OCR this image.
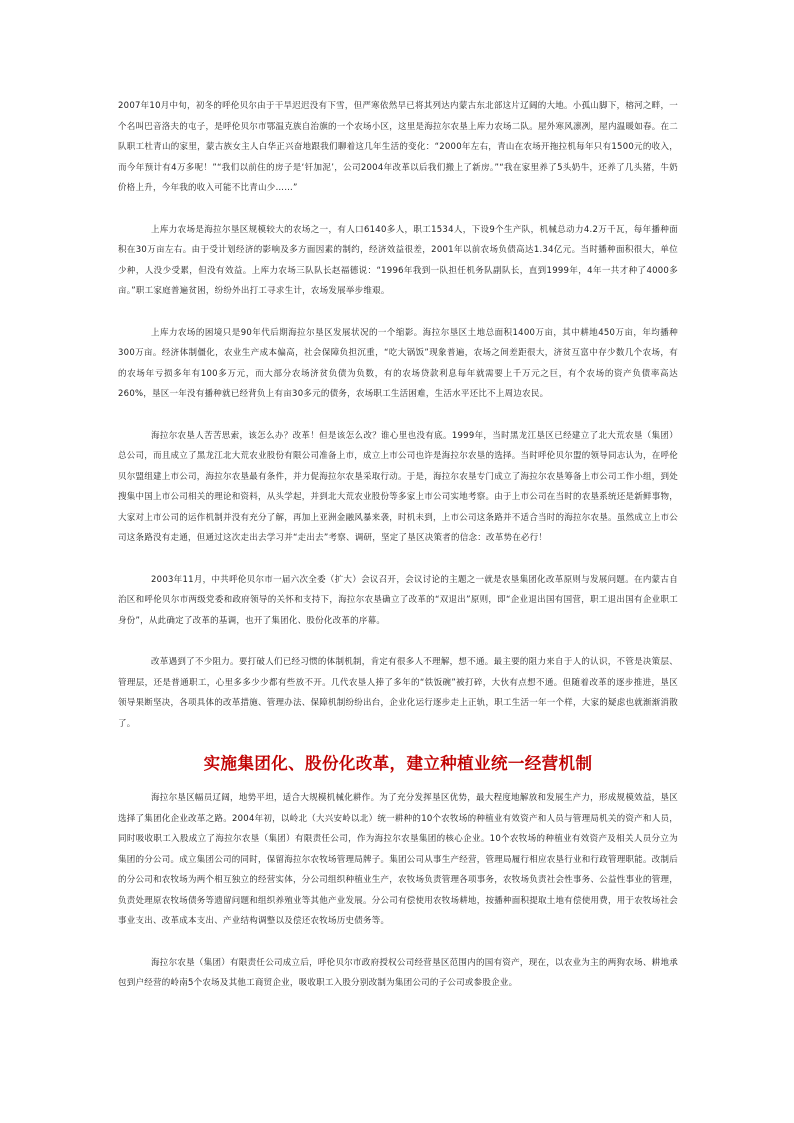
2007年10月中旬，初冬的呼伦贝尔由于干旱迟迟没有下雪，但严寒依然早已将其列达内蒙古东北部这片辽阔的大地。小孤山脚下，榕河之畔，一个名叫巴音洛夫的屯子，是呼伦贝尔市鄂温克族自治旗的一个农场小区，这里是海拉尔农垦上库力农场二队。屋外寒风凛冽，屋内温暖如春。在二队职工杜青山的家里，蒙古族女主人白华正兴奋地跟我们聊着这几年生活的变化：“2000年左右，青山在农场开拖拉机每年只有1500元的收入，而今年预计有4万多呢！”“我们以前住的房子是‘钎加泥’，公司2004年改革以后我们搬上了新房。”“我在家里养了5头奶牛，还养了几头猪，牛奶价格上升，今年我的收入可能不比青山少……”

上库力农场是海拉尔垦区规模较大的农场之一，有人口6140多人，职工1534人，下设9个生产队，机械总动力4.2万千瓦，每年播种面积在30万亩左右。由于受计划经济的影响及多方面因素的制约，经济效益很差，2001年以前农场负债高达1.34亿元。当时播种面积很大，单位少种，人没少受累，但没有效益。上库力农场三队队长赵福德说：“1996年我到一队担任机务队副队长，直到1999年，4年一共才种了4000多亩。”职工家庭普遍贫困，纷纷外出打工寻求生计，农场发展举步维艰。

上库力农场的困境只是90年代后期海拉尔垦区发展状况的一个缩影。海拉尔垦区土地总面积1400万亩，其中耕地450万亩，年均播种300万亩。经济体制僵化，农业生产成本偏高，社会保障负担沉重，“吃大锅饭”现象普遍，农场之间差距很大，济贫互富中存少数几个农场，有的农场年亏损多年有100多万元，而大部分农场济贫负债为负数，有的农场贷款利息每年就需要上千万元之巨，有个农场的资产负债率高达260%，垦区一年没有播种就已经背负上有亩30多元的债务，农场职工生活困难，生活水平还比不上周边农民。

海拉尔农垦人苦苦思索，该怎么办？改革！但是该怎么改？谁心里也没有底。1999年，当时黑龙江垦区已经建立了北大荒农垦（集团）总公司，而且成立了黑龙江北大荒农业股份有限公司准备上市，成立上市公司也许是海拉尔农垦的选择。当时呼伦贝尔盟的领导同志认为，在呼伦贝尔盟组建上市公司，海拉尔农垦最有条件，并力促海拉尔农垦采取行动。于是，海拉尔农垦专门成立了海拉尔农垦筹备上市公司工作小组，到处搜集中国上市公司相关的理论和资料，从头学起，并到北大荒农业股份等多家上市公司实地考察。由于上市公司在当时的农垦系统还是新鲜事物，大家对上市公司的运作机制并没有充分了解，再加上亚洲金融风暴来袭，时机未到，上市公司这条路并不适合当时的海拉尔农垦。虽然成立上市公司这条路没有走通，但通过这次走出去学习并“走出去”考察、调研，坚定了垦区决策者的信念：改革势在必行！

2003年11月，中共呼伦贝尔市一届六次全委（扩大）会议召开，会议讨论的主题之一就是农垦集团化改革原则与发展问题。在内蒙古自治区和呼伦贝尔市两级党委和政府领导的关怀和支持下，海拉尔农垦确立了改革的“双退出”原则，即“企业退出国有国营，职工退出国有企业职工身份”，从此确定了改革的基调，也开了集团化、股份化改革的序幕。

改革遇到了不少阻力。要打破人们已经习惯的体制机制，肯定有很多人不理解，想不通。最主要的阻力来自于人的认识，不管是决策层、管理层，还是普通职工，心里多多少少都有些放不开。几代农垦人捧了多年的“铁饭碗”被打碎，大伙有点想不通。但随着改革的逐步推进，垦区领导果断坚决，各项具体的改革措施、管理办法、保障机制纷纷出台，企业化运行逐步走上正轨，职工生活一年一个样，大家的疑虑也就渐渐消散了。

实施集团化、股份化改革，建立种植业统一经营机制

海拉尔垦区幅员辽阔，地势平坦，适合大规模机械化耕作。为了充分发挥垦区优势，最大程度地解放和发展生产力，形成规模效益，垦区选择了集团化企业改革之路。2004年初，以岭北（大兴安岭以北）统一耕种的10个农牧场的种植业有效资产和人员与管理局机关的资产和人员，同时吸收职工入股成立了海拉尔农垦（集团）有限责任公司，作为海拉尔农垦集团的核心企业。10个农牧场的种植业有效资产及相关人员分立为集团的分公司。成立集团公司的同时，保留海拉尔农牧场管理局牌子。集团公司从事生产经营，管理局履行相应农垦行业和行政管理职能。改制后的分公司和农牧场为两个相互独立的经营实体，分公司组织种植业生产，农牧场负责管理各项事务，农牧场负责社会性事务、公益性事业的管理，负责处理原农牧场债务等遗留问题和组织养殖业等其他产业发展。分公司有偿使用农牧场耕地，按播种面积提取土地有偿使用费，用于农牧场社会事业支出、改革成本支出、产业结构调整以及偿还农牧场历史债务等。

海拉尔农垦（集团）有限责任公司成立后，呼伦贝尔市政府授权公司经营垦区范围内的国有资产，现在，以农业为主的两狗农场、耕地承包到户经营的岭南5个农场及其他工商贸企业，吸收职工入股分别改制为集团公司的子公司或参股企业。
